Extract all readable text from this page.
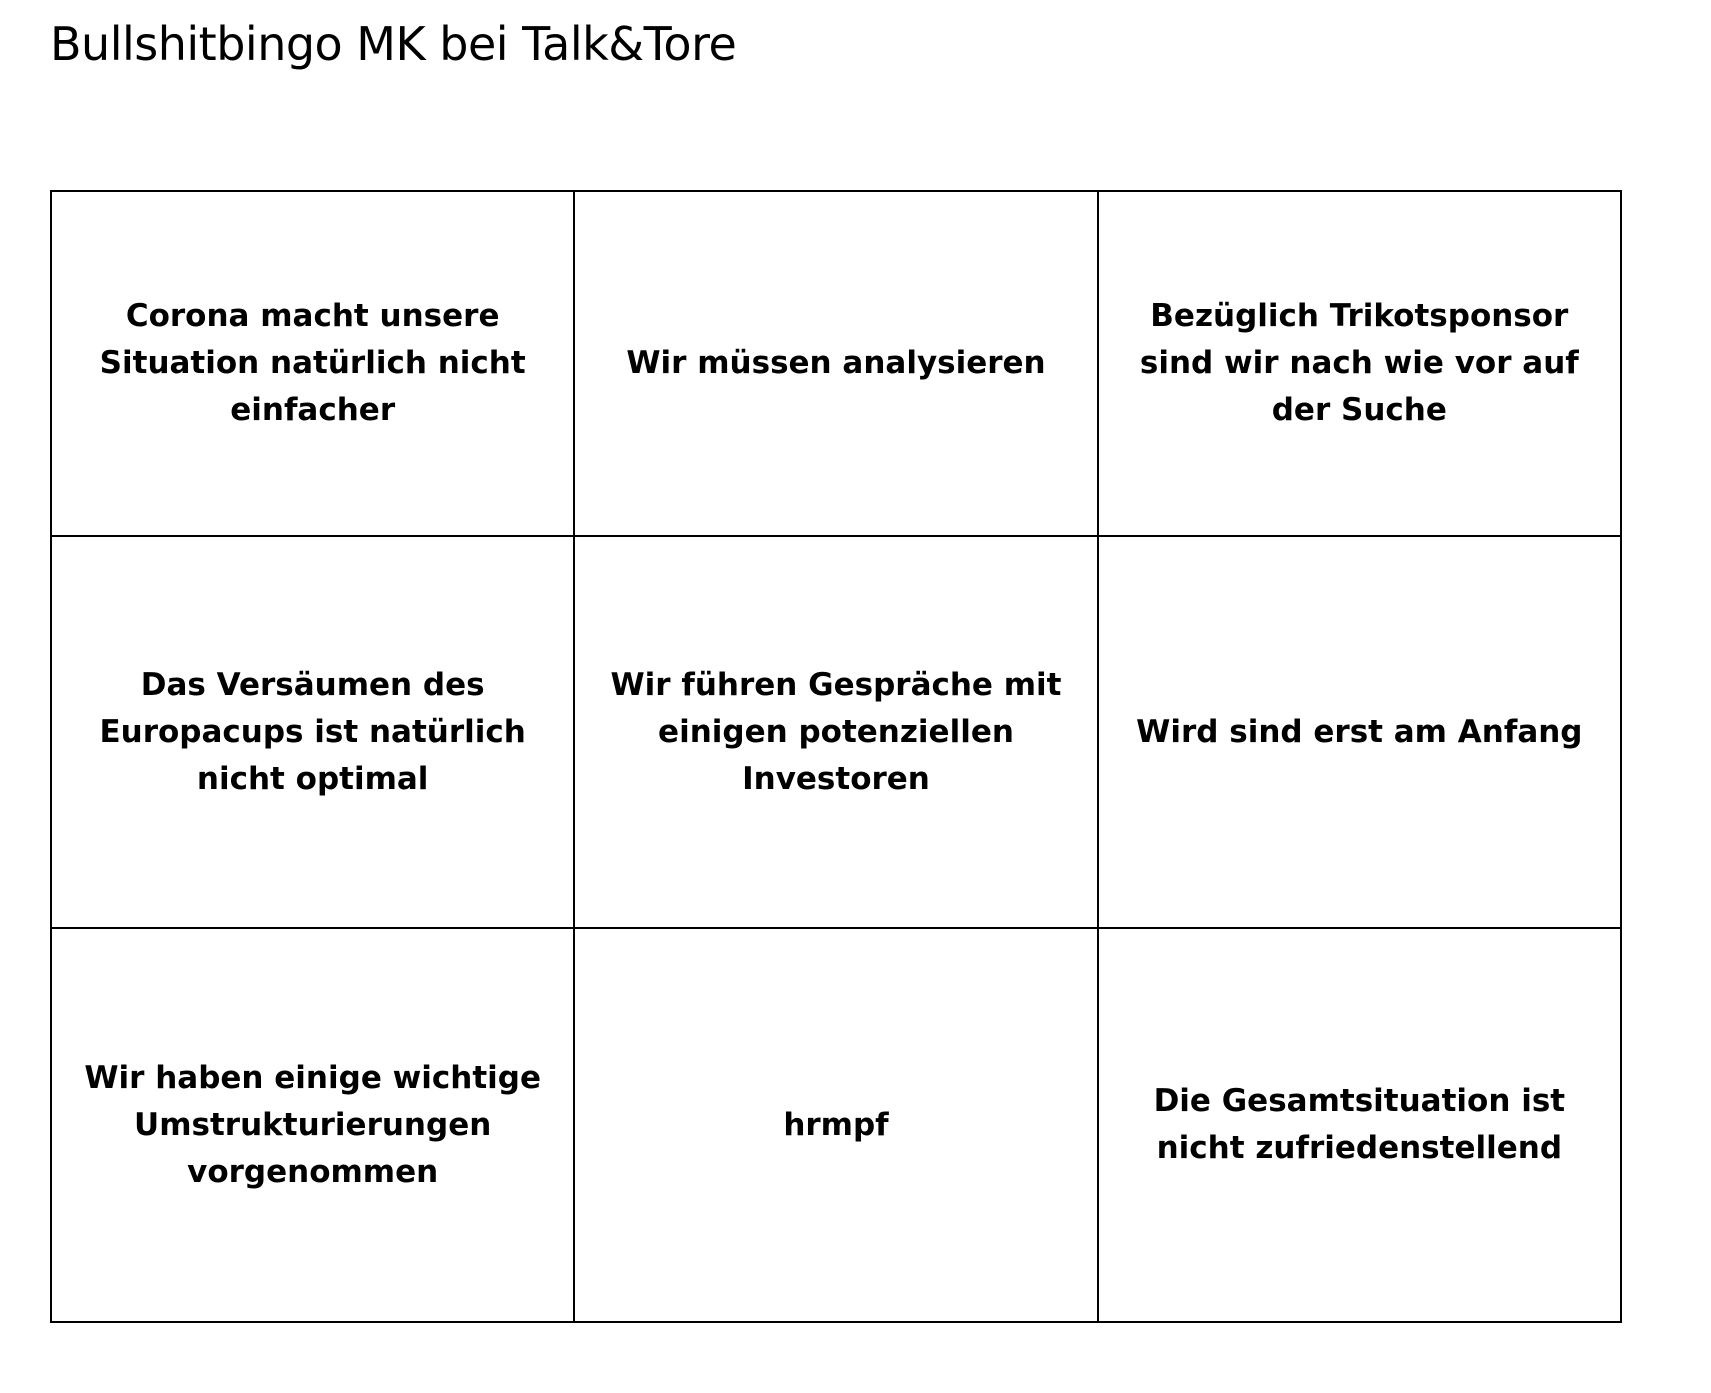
Bullshitbingo MK bei Talk&Tore
Corona macht unsere Situation natürlich nicht einfacher	Wir müssen analysieren	Bezüglich Trikotsponsor sind wir nach wie vor auf der Suche
Das Versäumen des Europacups ist natürlich nicht optimal	Wir führen Gespräche mit einigen potenziellen Investoren	Wird sind erst am Anfang
Wir haben einige wichtige Umstrukturierungen vorgenommen	hrmpf	Die Gesamtsituation ist nicht zufriedenstellend
